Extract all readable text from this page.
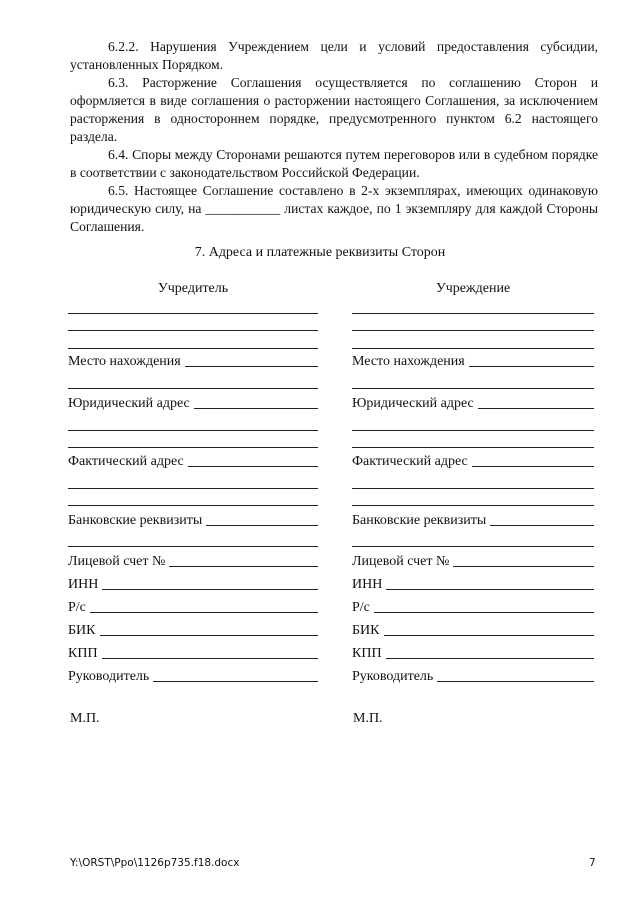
6.2.2. Нарушения Учреждением цели и условий предоставления субсидии, установленных Порядком.
6.3. Расторжение Соглашения осуществляется по соглашению Сторон и оформляется в виде соглашения о расторжении настоящего Соглашения, за исключением расторжения в одностороннем порядке, предусмотренного пунктом 6.2 настоящего раздела.
6.4. Споры между Сторонами решаются путем переговоров или в судебном порядке в соответствии с законодательством Российской Федерации.
6.5. Настоящее Соглашение составлено в 2-х экземплярах, имеющих одинаковую юридическую силу, на ___________ листах каждое, по 1 экземпляру для каждой Стороны Соглашения.
7. Адреса и платежные реквизиты Сторон
Учредитель
Место нахождения
Юридический адрес
Фактический адрес
Банковские реквизиты
Лицевой счет №
ИНН
Р/с
БИК
КПП
Руководитель
Учреждение
Место нахождения
Юридический адрес
Фактический адрес
Банковские реквизиты
Лицевой счет №
ИНН
Р/с
БИК
КПП
Руководитель
М.П.	М.П.
Y:\ORST\Ppo\1126p735.f18.docx	7
